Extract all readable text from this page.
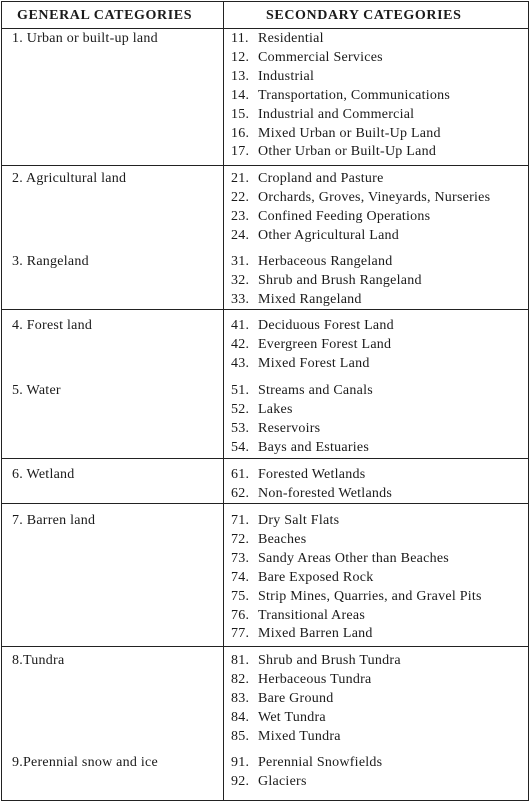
GENERAL CATEGORIES	SECONDARY CATEGORIES
1. Urban or built-up land	11. Residential
12. Commercial Services
13. Industrial
14. Transportation, Communications
15. Industrial and Commercial
16. Mixed Urban or Built-Up Land
17. Other Urban or Built-Up Land
2. Agricultural land	21. Cropland and Pasture
22. Orchards, Groves, Vineyards, Nurseries
23. Confined Feeding Operations
24. Other Agricultural Land
3. Rangeland	31. Herbaceous Rangeland
32. Shrub and Brush Rangeland
33. Mixed Rangeland
4. Forest land	41. Deciduous Forest Land
42. Evergreen Forest Land
43. Mixed Forest Land
5. Water	51. Streams and Canals
52. Lakes
53. Reservoirs
54. Bays and Estuaries
6. Wetland	61. Forested Wetlands
62. Non-forested Wetlands
7. Barren land	71. Dry Salt Flats
72. Beaches
73. Sandy Areas Other than Beaches
74. Bare Exposed Rock
75. Strip Mines, Quarries, and Gravel Pits
76. Transitional Areas
77. Mixed Barren Land
8.Tundra	81. Shrub and Brush Tundra
82. Herbaceous Tundra
83. Bare Ground
84. Wet Tundra
85. Mixed Tundra
9.Perennial snow and ice	91. Perennial Snowfields
92. Glaciers
